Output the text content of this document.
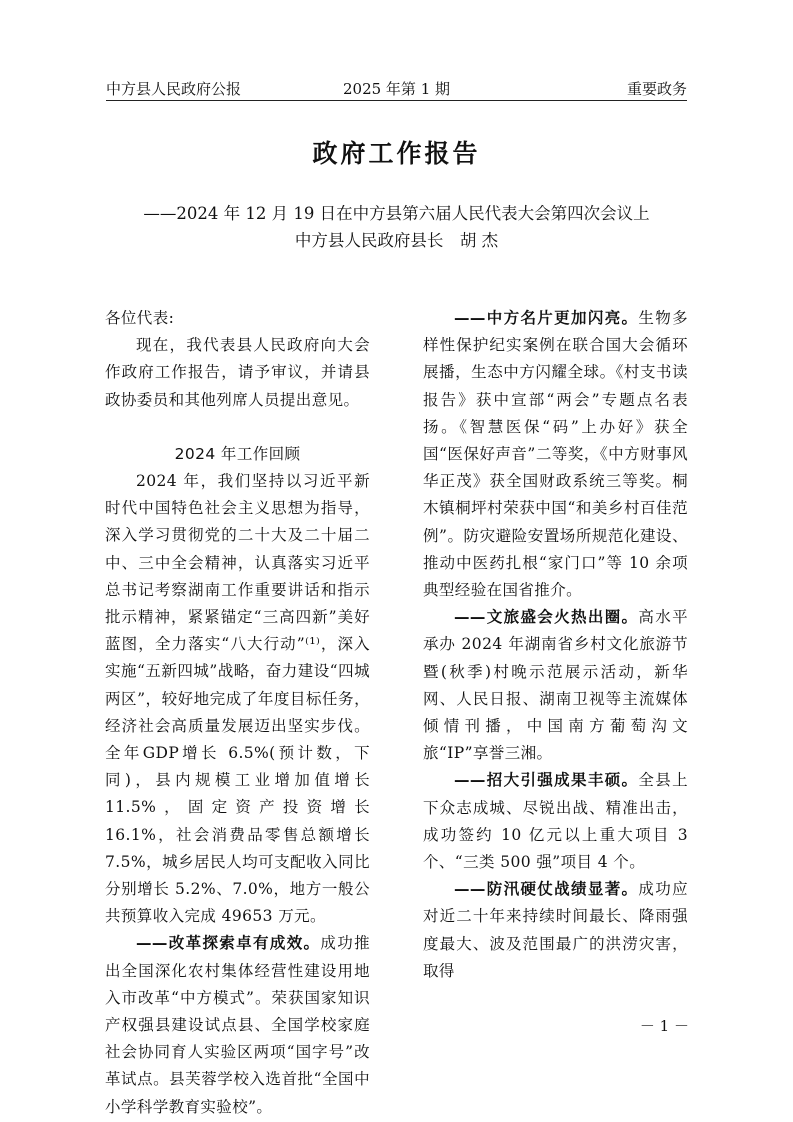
中方县人民政府公报	2025 年第 1 期	重要政务
政府工作报告
——2024 年 12 月 19 日在中方县第六届人民代表大会第四次会议上
中方县人民政府县长　胡 杰

各位代表:

现在，我代表县人民政府向大会作政府工作报告，请予审议，并请县政协委员和其他列席人员提出意见。

2024 年工作回顾

2024 年，我们坚持以习近平新时代中国特色社会主义思想为指导，深入学习贯彻党的二十大及二十届二中、三中全会精神，认真落实习近平总书记考察湖南工作重要讲话和指示批示精神，紧紧锚定“三高四新”美好蓝图，全力落实“八大行动”⁽¹⁾，深入实施“五新四城”战略，奋力建设“四城两区”，较好地完成了年度目标任务，经济社会高质量发展迈出坚实步伐。全年GDP增长 6.5%(预计数，下同)，县内规模工业增加值增长 11.5%，固定资产投资增长 16.1%，社会消费品零售总额增长 7.5%，城乡居民人均可支配收入同比分别增长 5.2%、7.0%，地方一般公共预算收入完成 49653 万元。

——改革探索卓有成效。成功推出全国深化农村集体经营性建设用地入市改革“中方模式”。荣获国家知识产权强县建设试点县、全国学校家庭社会协同育人实验区两项“国字号”改革试点。县芙蓉学校入选首批“全国中小学科学教育实验校”。

——中方名片更加闪亮。生物多样性保护纪实案例在联合国大会循环展播，生态中方闪耀全球。《村支书读报告》获中宣部“两会”专题点名表扬。《智慧医保“码”上办好》获全国“医保好声音”二等奖，《中方财事风华正茂》获全国财政系统三等奖。桐木镇桐坪村荣获中国“和美乡村百佳范例”。防灾避险安置场所规范化建设、推动中医药扎根“家门口”等 10 余项典型经验在国省推介。

——文旅盛会火热出圈。高水平承办 2024 年湖南省乡村文化旅游节暨(秋季)村晚示范展示活动，新华网、人民日报、湖南卫视等主流媒体倾情刊播，中国南方葡萄沟文旅“IP”享誉三湘。

——招大引强成果丰硕。全县上下众志成城、尽锐出战、精准出击，成功签约 10 亿元以上重大项目 3 个、“三类 500 强”项目 4 个。

——防汛硬仗战绩显著。成功应对近二十年来持续时间最长、降雨强度最大、波及范围最广的洪涝灾害，取得

－ 1 －
